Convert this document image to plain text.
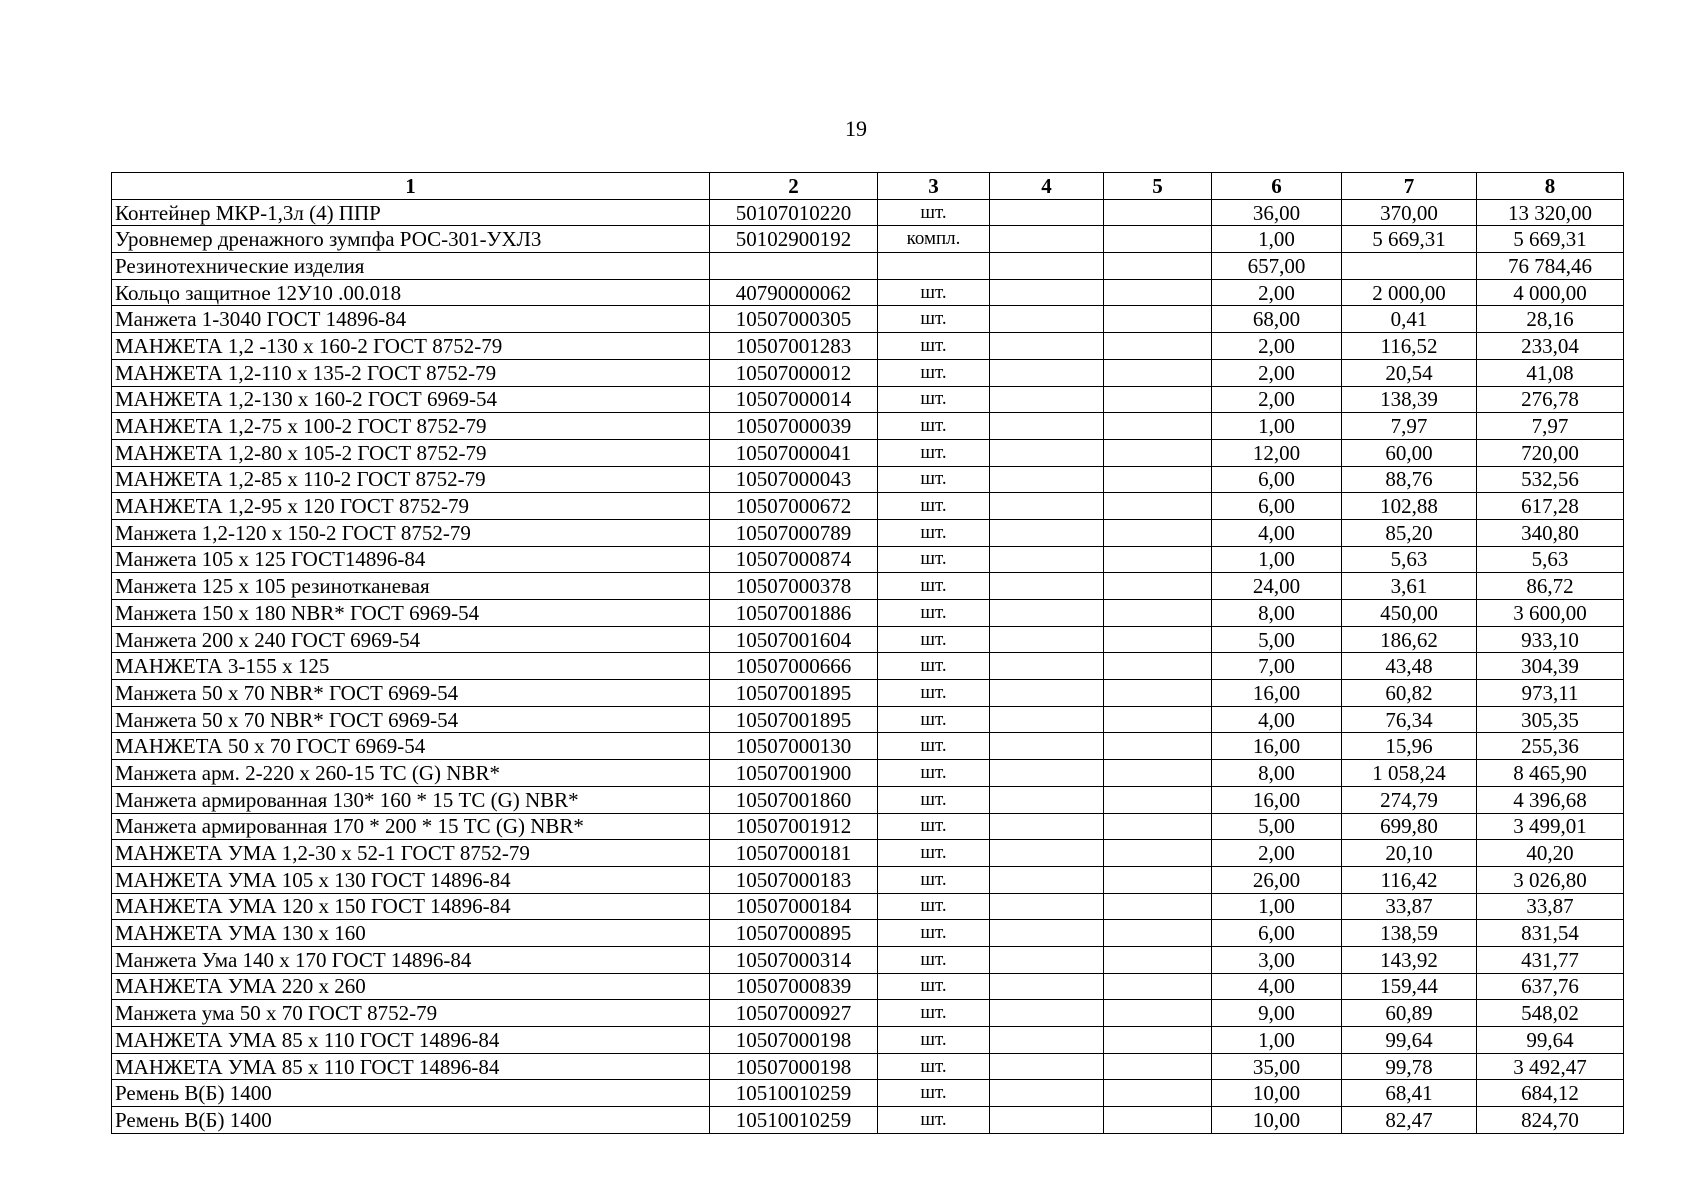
19
1	2	3	4	5	6	7	8
Контейнер МКР-1,3л (4) ППР	50107010220	шт.			36,00	370,00	13 320,00
Уровнемер дренажного зумпфа РОС-301-УХЛ3	50102900192	компл.			1,00	5 669,31	5 669,31
Резинотехнические изделия					657,00		76 784,46
Кольцо защитное 12У10 .00.018	40790000062	шт.			2,00	2 000,00	4 000,00
Манжета 1-3040 ГОСТ 14896-84	10507000305	шт.			68,00	0,41	28,16
МАНЖЕТА 1,2 -130 х 160-2 ГОСТ 8752-79	10507001283	шт.			2,00	116,52	233,04
МАНЖЕТА 1,2-110 х 135-2 ГОСТ 8752-79	10507000012	шт.			2,00	20,54	41,08
МАНЖЕТА 1,2-130 х 160-2 ГОСТ 6969-54	10507000014	шт.			2,00	138,39	276,78
МАНЖЕТА 1,2-75 х 100-2 ГОСТ 8752-79	10507000039	шт.			1,00	7,97	7,97
МАНЖЕТА 1,2-80 х 105-2 ГОСТ 8752-79	10507000041	шт.			12,00	60,00	720,00
МАНЖЕТА 1,2-85 х 110-2 ГОСТ 8752-79	10507000043	шт.			6,00	88,76	532,56
МАНЖЕТА 1,2-95 х 120 ГОСТ 8752-79	10507000672	шт.			6,00	102,88	617,28
Манжета 1,2-120 х 150-2 ГОСТ 8752-79	10507000789	шт.			4,00	85,20	340,80
Манжета 105 х 125 ГОСТ14896-84	10507000874	шт.			1,00	5,63	5,63
Манжета 125 х 105 резинотканевая	10507000378	шт.			24,00	3,61	86,72
Манжета 150 х 180 NBR* ГОСТ 6969-54	10507001886	шт.			8,00	450,00	3 600,00
Манжета 200 х 240 ГОСТ 6969-54	10507001604	шт.			5,00	186,62	933,10
МАНЖЕТА 3-155 х 125	10507000666	шт.			7,00	43,48	304,39
Манжета 50 х 70 NBR* ГОСТ 6969-54	10507001895	шт.			16,00	60,82	973,11
Манжета 50 х 70 NBR* ГОСТ 6969-54	10507001895	шт.			4,00	76,34	305,35
МАНЖЕТА 50 х 70 ГОСТ 6969-54	10507000130	шт.			16,00	15,96	255,36
Манжета арм. 2-220 х 260-15 ТС (G) NBR*	10507001900	шт.			8,00	1 058,24	8 465,90
Манжета армированная 130* 160 * 15 ТС (G) NBR*	10507001860	шт.			16,00	274,79	4 396,68
Манжета армированная 170 * 200 * 15 ТС (G) NBR*	10507001912	шт.			5,00	699,80	3 499,01
МАНЖЕТА УМА 1,2-30 х 52-1 ГОСТ 8752-79	10507000181	шт.			2,00	20,10	40,20
МАНЖЕТА УМА 105 х 130 ГОСТ 14896-84	10507000183	шт.			26,00	116,42	3 026,80
МАНЖЕТА УМА 120 х 150 ГОСТ 14896-84	10507000184	шт.			1,00	33,87	33,87
МАНЖЕТА УМА 130 х 160	10507000895	шт.			6,00	138,59	831,54
Манжета Ума 140 х 170 ГОСТ 14896-84	10507000314	шт.			3,00	143,92	431,77
МАНЖЕТА УМА 220 х 260	10507000839	шт.			4,00	159,44	637,76
Манжета ума 50 х 70 ГОСТ 8752-79	10507000927	шт.			9,00	60,89	548,02
МАНЖЕТА УМА 85 х 110 ГОСТ 14896-84	10507000198	шт.			1,00	99,64	99,64
МАНЖЕТА УМА 85 х 110 ГОСТ 14896-84	10507000198	шт.			35,00	99,78	3 492,47
Ремень В(Б) 1400	10510010259	шт.			10,00	68,41	684,12
Ремень В(Б) 1400	10510010259	шт.			10,00	82,47	824,70
